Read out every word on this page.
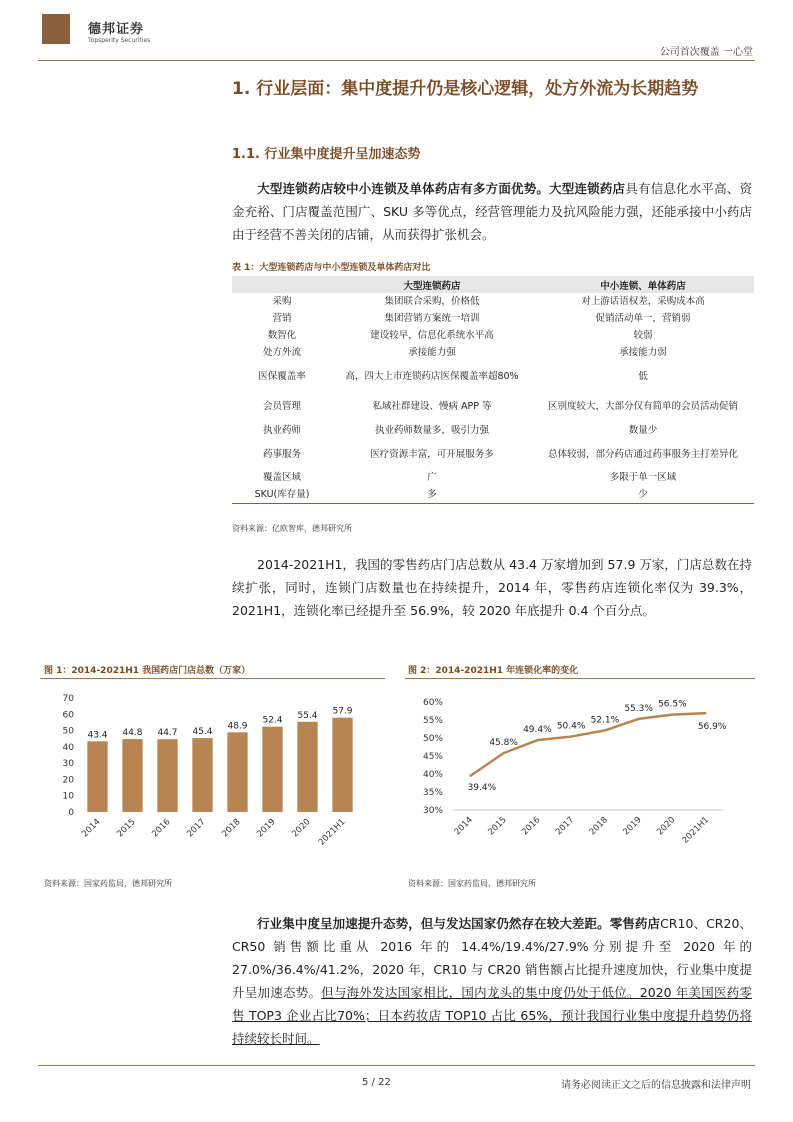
德邦证券
Topsperity Securities
公司首次覆盖 一心堂
1. 行业层面：集中度提升仍是核心逻辑，处方外流为长期趋势
1.1. 行业集中度提升呈加速态势
  大型连锁药店较中小连锁及单体药店有多方面优势。大型连锁药店具有信息化水平高、资金充裕、门店覆盖范围广、SKU 多等优点，经营管理能力及抗风险能力强，还能承接中小药店由于经营不善关闭的店铺，从而获得扩张机会。
表 1：大型连锁药店与中小型连锁及单体药店对比
	大型连锁药店	中小连锁、单体药店
采购	集团联合采购，价格低	对上游话语权差，采购成本高
营销	集团营销方案统一培训	促销活动单一，营销弱
数智化	建设较早，信息化系统水平高	较弱
处方外流	承接能力强	承接能力弱
医保覆盖率	高，四大上市连锁药店医保覆盖率超80%	低
会员管理	私域社群建设、慢病 APP 等	区别度较大，大部分仅有简单的会员活动促销
执业药师	执业药师数量多，吸引力强	数量少
药事服务	医疗资源丰富，可开展服务多	总体较弱，部分药店通过药事服务主打差异化
覆盖区域	广	多限于单一区域
SKU(库存量)	多	少
资料来源：亿欧智库，德邦研究所
  2014-2021H1，我国的零售药店门店总数从 43.4 万家增加到 57.9 万家，门店总数在持续扩张，同时，连锁门店数量也在持续提升，2014 年，零售药店连锁化率仅为 39.3%，2021H1，连锁化率已经提升至 56.9%，较 2020 年底提升 0.4 个百分点。
图 1：2014-2021H1 我国药店门店总数（万家）
0
10
20
30
40
50
60
70
43.4
2014
44.8
2015
44.7
2016
45.4
2017
48.9
2018
52.4
2019
55.4
2020
57.9
2021H1
资料来源：国家药监局，德邦研究所
图 2：2014-2021H1 年连锁化率的变化
30%
35%
40%
45%
50%
55%
60%
39.4%
2014
45.8%
2015
49.4%
2016
50.4%
2017
52.1%
2018
55.3%
2019
56.5%
2020
56.9%
2021H1
资料来源：国家药监局，德邦研究所
  行业集中度呈加速提升态势，但与发达国家仍然存在较大差距。零售药店CR10、CR20、CR50 销售额比重从 2016 年的 14.4%/19.4%/27.9%分别提升至 2020 年的 27.0%/36.4%/41.2%，2020 年，CR10 与 CR20 销售额占比提升速度加快，行业集中度提升呈加速态势。但与海外发达国家相比，国内龙头的集中度仍处于低位。2020 年美国医药零售 TOP3 企业占比70%；日本药妆店 TOP10 占比 65%，预计我国行业集中度提升趋势仍将持续较长时间。
5 / 22	请务必阅读正文之后的信息披露和法律声明
